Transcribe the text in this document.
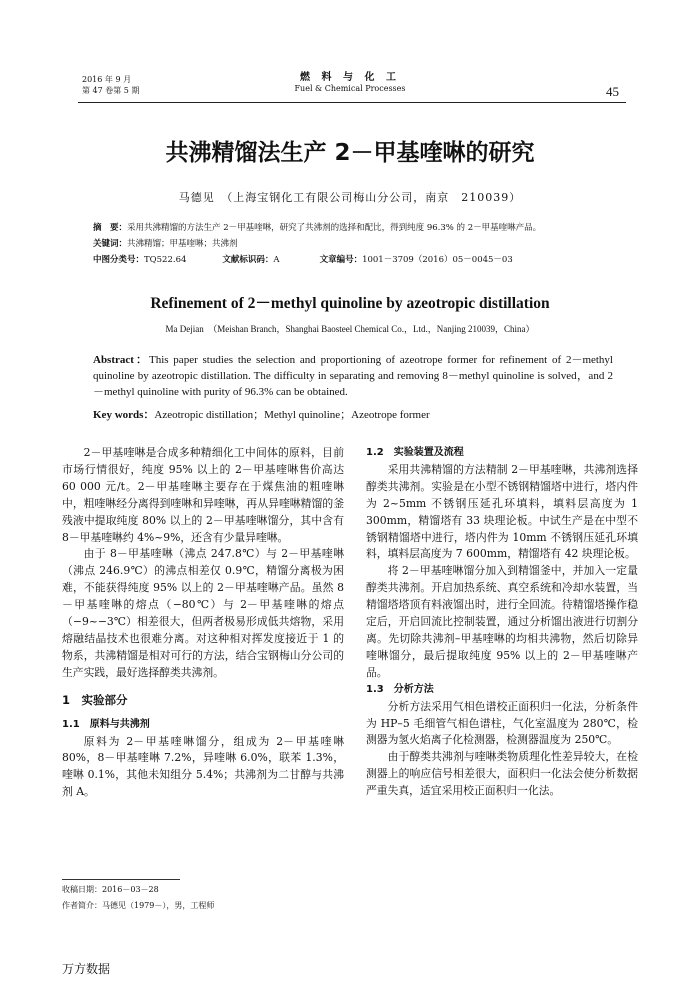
2016 年 9 月
第 47 卷第 5 期
燃 料 与 化 工
Fuel & Chemical Processes	45
共沸精馏法生产 2－甲基喹啉的研究
马德见　（上海宝钢化工有限公司梅山分公司，南京　210039）
摘　要：采用共沸精馏的方法生产 2－甲基喹啉，研究了共沸剂的选择和配比，得到纯度 96.3% 的 2－甲基喹啉产品。
关键词：共沸精馏；甲基喹啉；共沸剂
中图分类号：TQ522.64	文献标识码：A	文章编号：1001－3709（2016）05－0045－03
Refinement of 2－methyl quinoline by azeotropic distillation
Ma Dejian　（Meishan Branch，Shanghai Baosteel Chemical Co.，Ltd.，Nanjing 210039，China）
Abstract：This paper studies the selection and proportioning of azeotrope former for refinement of 2－methyl quinoline by azeotropic distillation. The difficulty in separating and removing 8－methyl quinoline is solved，and 2－methyl quinoline with purity of 96.3% can be obtained.
Key words：Azeotropic distillation；Methyl quinoline；Azeotrope former

2－甲基喹啉是合成多种精细化工中间体的原料，目前市场行情很好，纯度 95% 以上的 2－甲基喹啉售价高达 60 000 元/t。2－甲基喹啉主要存在于煤焦油的粗喹啉中，粗喹啉经分离得到喹啉和异喹啉，再从异喹啉精馏的釜残液中提取纯度 80% 以上的 2－甲基喹啉馏分，其中含有 8－甲基喹啉约 4%~9%，还含有少量异喹啉。

由于 8－甲基喹啉（沸点 247.8℃）与 2－甲基喹啉（沸点 246.9℃）的沸点相差仅 0.9℃，精馏分离极为困难，不能获得纯度 95% 以上的 2－甲基喹啉产品。虽然 8－甲基喹啉的熔点（−80℃）与 2－甲基喹啉的熔点（−9~−3℃）相差很大，但两者极易形成低共熔物，采用熔融结晶技术也很难分离。对这种相对挥发度接近于 1 的物系，共沸精馏是相对可行的方法，结合宝钢梅山分公司的生产实践，最好选择醇类共沸剂。

1　实验部分
1.1　原料与共沸剂

原料为 2－甲基喹啉馏分，组成为 2－甲基喹啉 80%，8－甲基喹啉 7.2%，异喹啉 6.0%，联苯 1.3%，喹啉 0.1%，其他未知组分 5.4%；共沸剂为二甘醇与共沸剂 A。

1.2　实验装置及流程

采用共沸精馏的方法精制 2－甲基喹啉，共沸剂选择醇类共沸剂。实验是在小型不锈钢精馏塔中进行，塔内件为 2~5mm 不锈钢压延孔环填料，填料层高度为 1 300mm，精馏塔有 33 块理论板。中试生产是在中型不锈钢精馏塔中进行，塔内件为 10mm 不锈钢压延孔环填料，填料层高度为 7 600mm，精馏塔有 42 块理论板。

将 2－甲基喹啉馏分加入到精馏釜中，并加入一定量醇类共沸剂。开启加热系统、真空系统和冷却水装置，当精馏塔塔顶有料液馏出时，进行全回流。待精馏塔操作稳定后，开启回流比控制装置，通过分析馏出液进行切割分离。先切除共沸剂–甲基喹啉的均相共沸物，然后切除异喹啉馏分，最后提取纯度 95% 以上的 2－甲基喹啉产品。

1.3　分析方法

分析方法采用气相色谱校正面积归一化法，分析条件为 HP–5 毛细管气相色谱柱，气化室温度为 280℃，检测器为氢火焰离子化检测器，检测器温度为 250℃。

由于醇类共沸剂与喹啉类物质理化性差异较大，在检测器上的响应信号相差很大，面积归一化法会使分析数据严重失真，适宜采用校正面积归一化法。

收稿日期：2016－03－28
作者简介：马德见（1979－），男，工程师
万方数据
